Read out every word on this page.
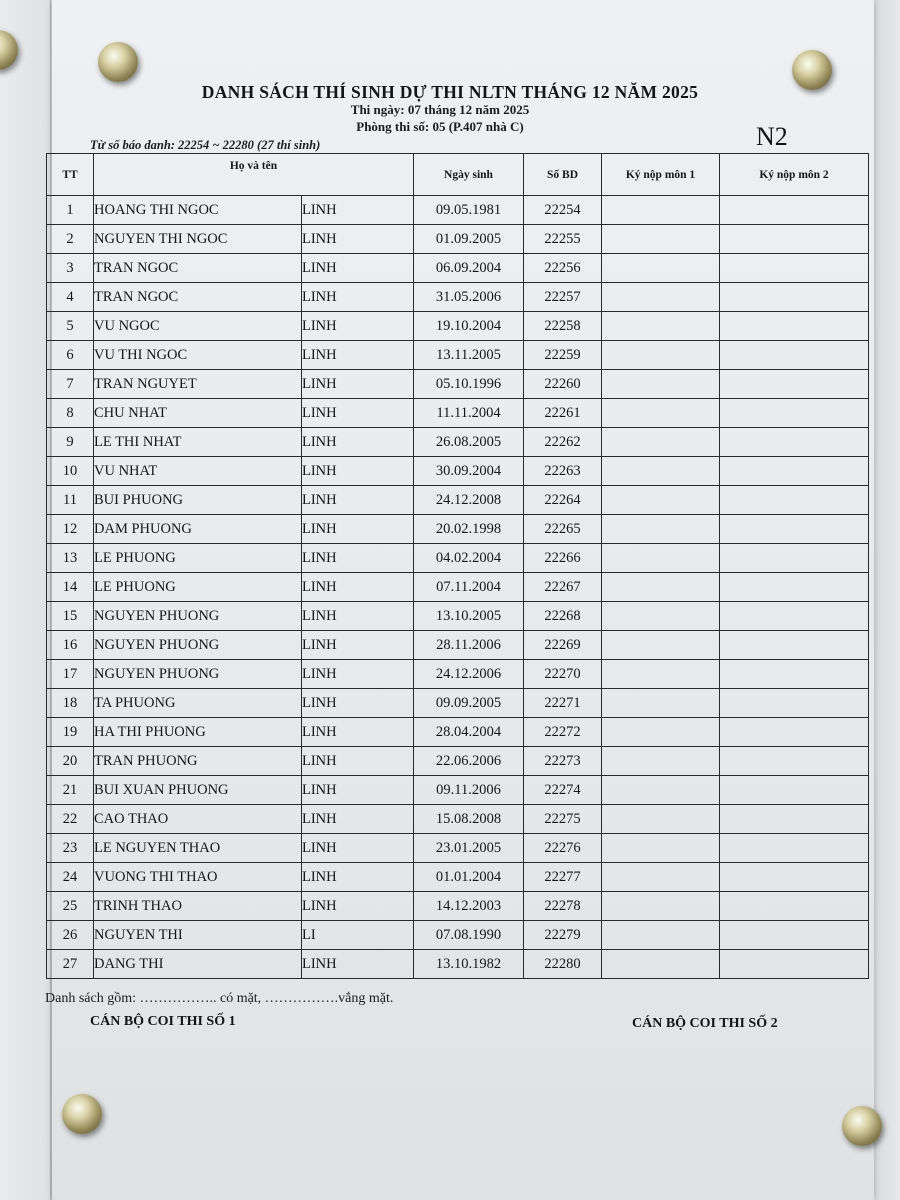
DANH SÁCH THÍ SINH DỰ THI NLTN THÁNG 12 NĂM 2025
Thi ngày: 07 tháng 12 năm 2025
Phòng thi số: 05 (P.407 nhà C)	N2
Từ số báo danh: 22254 ~ 22280 (27 thí sinh)
TT	Họ và tên		Ngày sinh	Số BD	Ký nộp môn 1	Ký nộp môn 2
1	HOANG THI NGOC	LINH	09.05.1981	22254		
2	NGUYEN THI NGOC	LINH	01.09.2005	22255		
3	TRAN NGOC	LINH	06.09.2004	22256		
4	TRAN NGOC	LINH	31.05.2006	22257		
5	VU NGOC	LINH	19.10.2004	22258		
6	VU THI NGOC	LINH	13.11.2005	22259		
7	TRAN NGUYET	LINH	05.10.1996	22260		
8	CHU NHAT	LINH	11.11.2004	22261		
9	LE THI NHAT	LINH	26.08.2005	22262		
10	VU NHAT	LINH	30.09.2004	22263		
11	BUI PHUONG	LINH	24.12.2008	22264		
12	DAM PHUONG	LINH	20.02.1998	22265		
13	LE PHUONG	LINH	04.02.2004	22266		
14	LE PHUONG	LINH	07.11.2004	22267		
15	NGUYEN PHUONG	LINH	13.10.2005	22268		
16	NGUYEN PHUONG	LINH	28.11.2006	22269		
17	NGUYEN PHUONG	LINH	24.12.2006	22270		
18	TA PHUONG	LINH	09.09.2005	22271		
19	HA THI PHUONG	LINH	28.04.2004	22272		
20	TRAN PHUONG	LINH	22.06.2006	22273		
21	BUI XUAN PHUONG	LINH	09.11.2006	22274		
22	CAO THAO	LINH	15.08.2008	22275		
23	LE NGUYEN THAO	LINH	23.01.2005	22276		
24	VUONG THI THAO	LINH	01.01.2004	22277		
25	TRINH THAO	LINH	14.12.2003	22278		
26	NGUYEN THI	LI	07.08.1990	22279		
27	DANG THI	LINH	13.10.1982	22280		
Danh sách gồm: …………….. có mặt, …………….vắng mặt.
CÁN BỘ COI THI SỐ 1	CÁN BỘ COI THI SỐ 2
